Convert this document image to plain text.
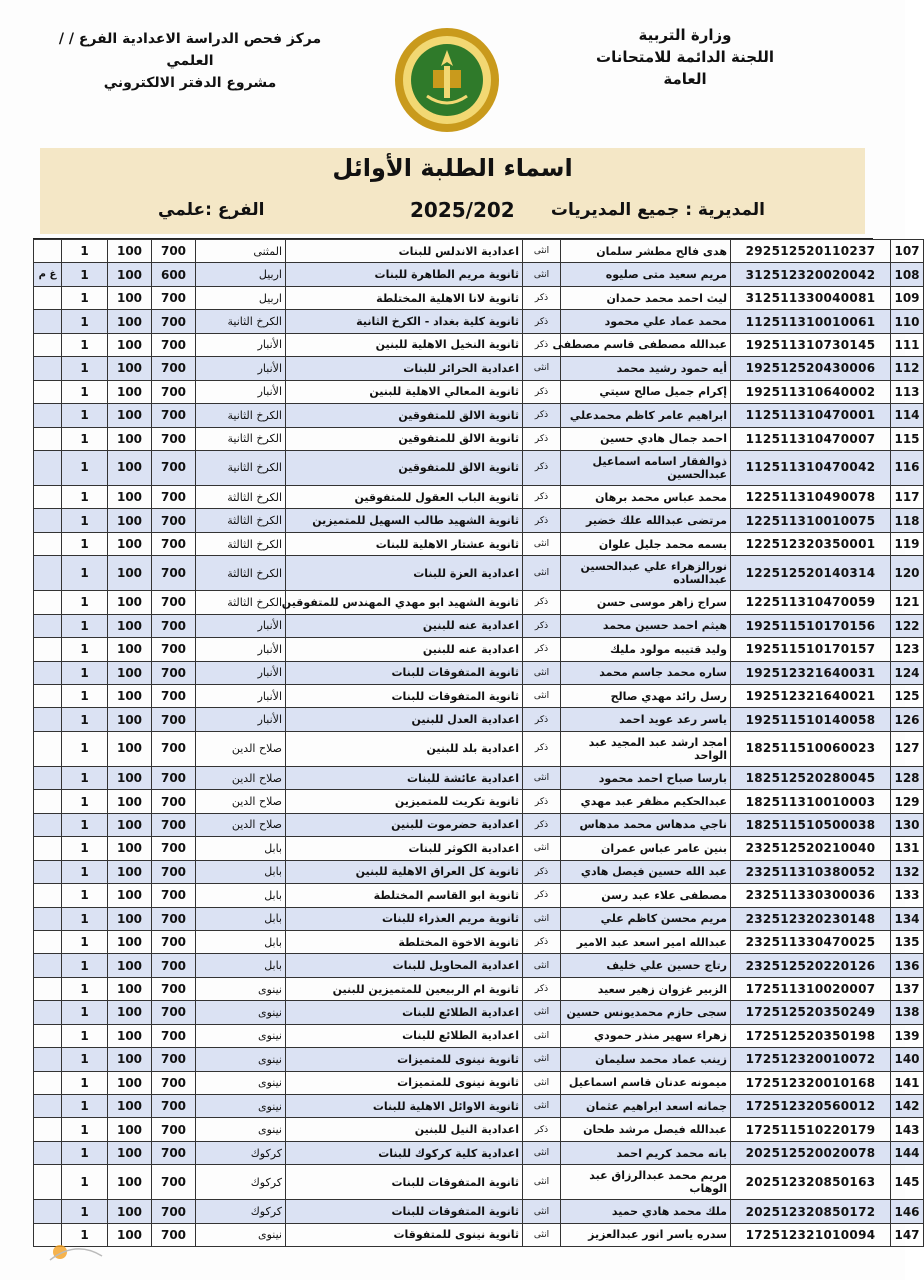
وزارة التربية
اللجنة الدائمة للامتحانات العامة
/ مركز فحص الدراسة الاعدادية الفرع / العلمي
مشروع الدفتر الالكتروني
اسماء الطلبة الأوائل
المديرية : جميع المديريات
2025/202
الفرع :علمي
107	292512520110237	هدى فالح مطشر سلمان	انثى	اعدادية الاندلس للبنات	المثنى	700	100	1	
108	312512320020042	مريم سعيد متى صليوه	انثى	ثانوية مريم الطاهرة للبنات	اربيل	600	100	1	غ م
109	312511330040081	ليث احمد محمد حمدان	ذكر	ثانوية لانا الاهلية المختلطة	اربيل	700	100	1	
110	112511310010061	محمد عماد علي محمود	ذكر	ثانوية كلية بغداد - الكرخ الثانية	الكرخ الثانية	700	100	1	
111	192511310730145	عبدالله مصطفى قاسم مصطفى	ذكر	ثانوية النخيل الاهلية للبنين	الأنبار	700	100	1	
112	192512520430006	أيه حمود رشيد محمد	انثى	اعدادية الحرائر للبنات	الأنبار	700	100	1	
113	192511310640002	إكرام جميل صالح سيتي	ذكر	ثانوية المعالي الاهلية للبنين	الأنبار	700	100	1	
114	112511310470001	ابراهيم عامر كاظم محمدعلي	ذكر	ثانوية الالق للمتفوقين	الكرخ الثانية	700	100	1	
115	112511310470007	احمد جمال هادي حسين	ذكر	ثانوية الالق للمتفوقين	الكرخ الثانية	700	100	1	
116	112511310470042	ذوالفقار اسامه اسماعيل عبدالحسين	ذكر	ثانوية الالق للمتفوقين	الكرخ الثانية	700	100	1	
117	122511310490078	محمد عباس محمد برهان	ذكر	ثانوية الباب العقول للمتفوقين	الكرخ الثالثة	700	100	1	
118	122511310010075	مرتضى عبدالله علك خضير	ذكر	ثانوية الشهيد طالب السهيل للمتميزين	الكرخ الثالثة	700	100	1	
119	122512320350001	بسمه محمد جليل علوان	انثى	ثانوية عشتار الاهلية للبنات	الكرخ الثالثة	700	100	1	
120	122512520140314	نورالزهراء علي عبدالحسين عبدالساده	انثى	اعدادية العزة للبنات	الكرخ الثالثة	700	100	1	
121	122511310470059	سراج زاهر موسى حسن	ذكر	ثانوية الشهيد ابو مهدي المهندس للمتفوقين	الكرخ الثالثة	700	100	1	
122	192511510170156	هيثم احمد حسين محمد	ذكر	اعدادية عنه للبنين	الأنبار	700	100	1	
123	192511510170157	وليد قتيبه مولود مليك	ذكر	اعدادية عنه للبنين	الأنبار	700	100	1	
124	192512321640031	ساره محمد جاسم محمد	انثى	ثانوية المتفوقات للبنات	الأنبار	700	100	1	
125	192512321640021	رسل رائد مهدي صالح	انثى	ثانوية المتفوقات للبنات	الأنبار	700	100	1	
126	192511510140058	ياسر رعد عويد احمد	ذكر	اعدادية العدل للبنين	الأنبار	700	100	1	
127	182511510060023	امجد ارشد عبد المجيد عبد الواحد	ذكر	اعدادية بلد للبنين	صلاح الدين	700	100	1	
128	182512520280045	بارسا صباح احمد محمود	انثى	اعدادية عائشة للبنات	صلاح الدين	700	100	1	
129	182511310010003	عبدالحكيم مظفر عبد مهدي	ذكر	ثانوية تكريت للمتميزين	صلاح الدين	700	100	1	
130	182511510500038	ناجي مدهاس محمد مدهاس	ذكر	اعدادية حضرموت للبنين	صلاح الدين	700	100	1	
131	232512520210040	بنين عامر عباس عمران	انثى	اعدادية الكوثر للبنات	بابل	700	100	1	
132	232511310380052	عبد الله حسين فيصل هادي	ذكر	ثانوية كل العراق الاهلية للبنين	بابل	700	100	1	
133	232511330300036	مصطفى علاء عبد رسن	ذكر	ثانوية ابو القاسم المختلطة	بابل	700	100	1	
134	232512320230148	مريم محسن كاظم علي	انثى	ثانوية مريم العذراء للبنات	بابل	700	100	1	
135	232511330470025	عبدالله امير اسعد عبد الامير	ذكر	ثانوية الاخوة المختلطة	بابل	700	100	1	
136	232512520220126	رتاج حسين علي خليف	انثى	اعدادية المحاويل للبنات	بابل	700	100	1	
137	172511310020007	الزبير غزوان زهير سعيد	ذكر	ثانوية ام الربيعين للمتميزين للبنين	نينوى	700	100	1	
138	172512520350249	سجى حازم محمديونس حسين	انثى	اعدادية الطلائع للبنات	نينوى	700	100	1	
139	172512520350198	زهراء سهير منذر حمودي	انثى	اعدادية الطلائع للبنات	نينوى	700	100	1	
140	172512320010072	زينب عماد محمد سليمان	انثى	ثانوية نينوى للمتميزات	نينوى	700	100	1	
141	172512320010168	ميمونه عدنان قاسم اسماعيل	انثى	ثانوية نينوى للمتميزات	نينوى	700	100	1	
142	172512320560012	جمانه اسعد ابراهيم عثمان	انثى	ثانوية الاوائل الاهلية للبنات	نينوى	700	100	1	
143	172511510220179	عبدالله فيصل مرشد طحان	ذكر	اعدادية النيل للبنين	نينوى	700	100	1	
144	202512520020078	بانه محمد كريم احمد	انثى	اعدادية كلية كركوك للبنات	كركوك	700	100	1	
145	202512320850163	مريم محمد عبدالرزاق عبد الوهاب	انثى	ثانوية المتفوقات للبنات	كركوك	700	100	1	
146	202512320850172	ملك محمد هادي حميد	انثى	ثانوية المتفوقات للبنات	كركوك	700	100	1	
147	172512321010094	سدره ياسر انور عبدالعزيز	انثى	ثانوية نينوى للمتفوقات	نينوى	700	100	1	
